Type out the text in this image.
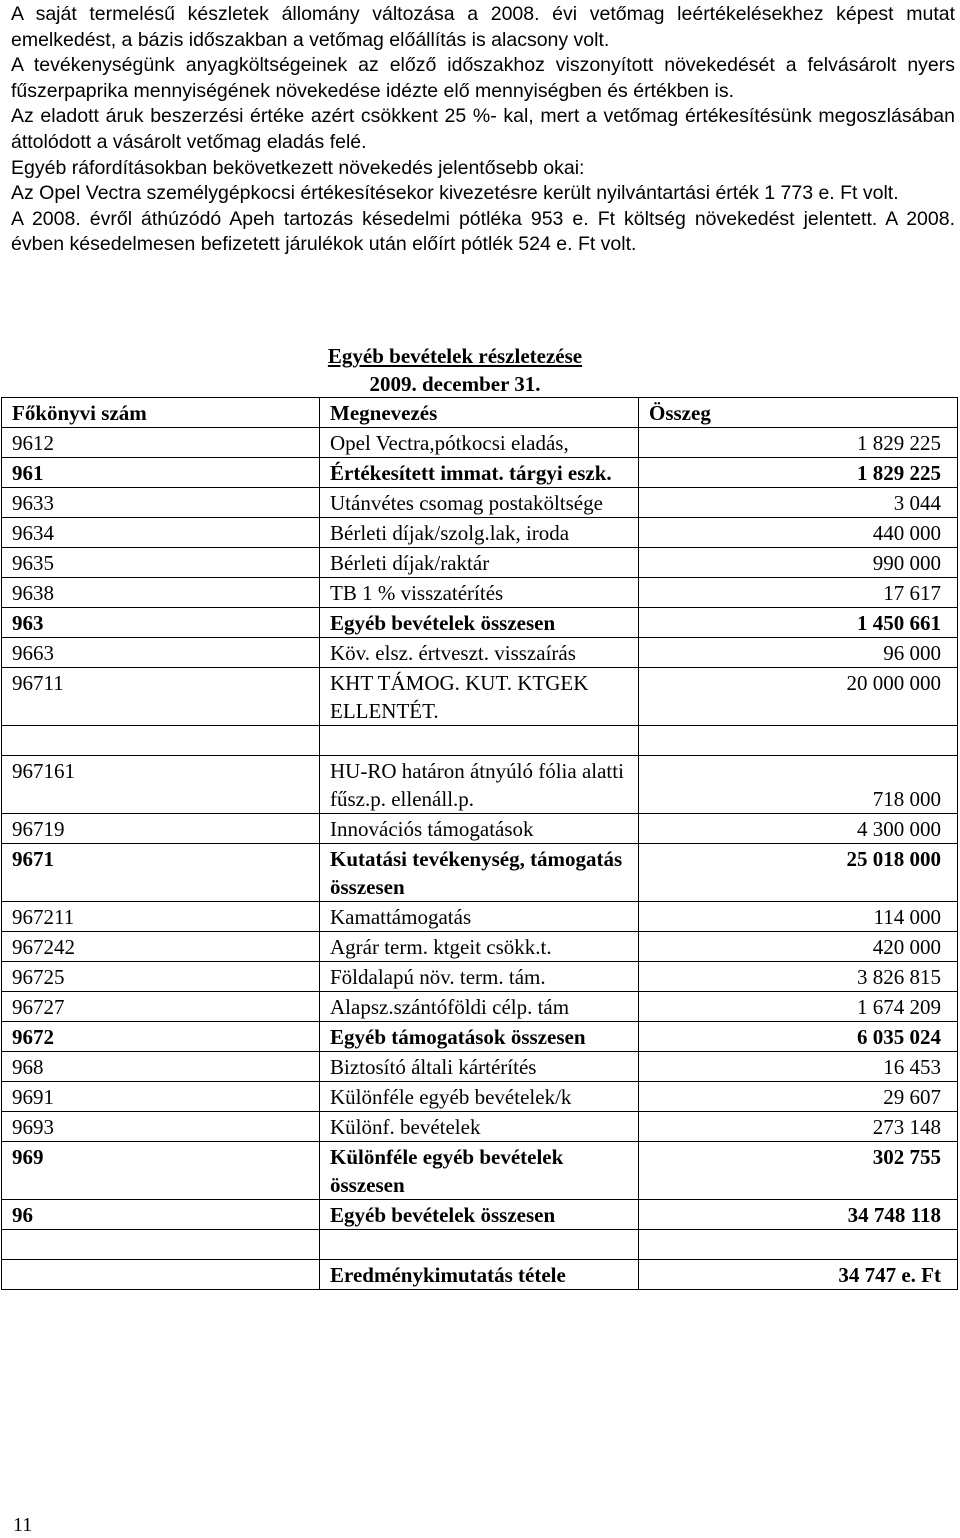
A saját termelésű készletek állomány változása a 2008. évi vetőmag leértékelésekhez képest mutat emelkedést, a bázis időszakban a vetőmag előállítás is alacsony volt.

A tevékenységünk anyagköltségeinek az előző időszakhoz viszonyított növekedését a felvásárolt nyers fűszerpaprika mennyiségének növekedése idézte elő mennyiségben és értékben is.

Az eladott áruk beszerzési értéke azért csökkent 25 %- kal, mert a vetőmag értékesítésünk megoszlásában áttolódott a vásárolt vetőmag eladás felé.

Egyéb ráfordításokban bekövetkezett növekedés jelentősebb okai:

Az Opel Vectra személygépkocsi értékesítésekor kivezetésre került nyilvántartási érték 1 773 e. Ft volt.

A 2008. évről áthúzódó Apeh tartozás késedelmi pótléka 953 e. Ft költség növekedést jelentett. A 2008. évben késedelmesen befizetett járulékok után előírt pótlék 524 e. Ft volt.

Egyéb bevételek részletezése
2009. december 31.
Főkönyvi szám	Megnevezés	Összeg
9612	Opel Vectra,pótkocsi eladás,	1 829 225
961	Értékesített immat. tárgyi eszk.	1 829 225
9633	Utánvétes csomag postaköltsége	3 044
9634	Bérleti díjak/szolg.lak, iroda	440 000
9635	Bérleti díjak/raktár	990 000
9638	TB 1 % visszatérítés	17 617
963	Egyéb bevételek összesen	1 450 661
9663	Köv. elsz. értveszt. visszaírás	96 000
96711	KHT TÁMOG. KUT. KTGEK ELLENTÉT.	20 000 000

967161	HU-RO határon átnyúló fólia alatti fűsz.p. ellenáll.p.	718 000
96719	Innovációs támogatások	4 300 000
9671	Kutatási tevékenység, támogatás összesen	25 018 000
967211	Kamattámogatás	114 000
967242	Agrár term. ktgeit csökk.t.	420 000
96725	Földalapú növ. term. tám.	3 826 815
96727	Alapsz.szántóföldi célp. tám	1 674 209
9672	Egyéb támogatások összesen	6 035 024
968	Biztosító általi kártérítés	16 453
9691	Különféle egyéb bevételek/k	29 607
9693	Különf. bevételek	273 148
969	Különféle egyéb bevételek összesen	302 755
96	Egyéb bevételek összesen	34 748 118

	Eredménykimutatás tétele	34 747 e. Ft
11
